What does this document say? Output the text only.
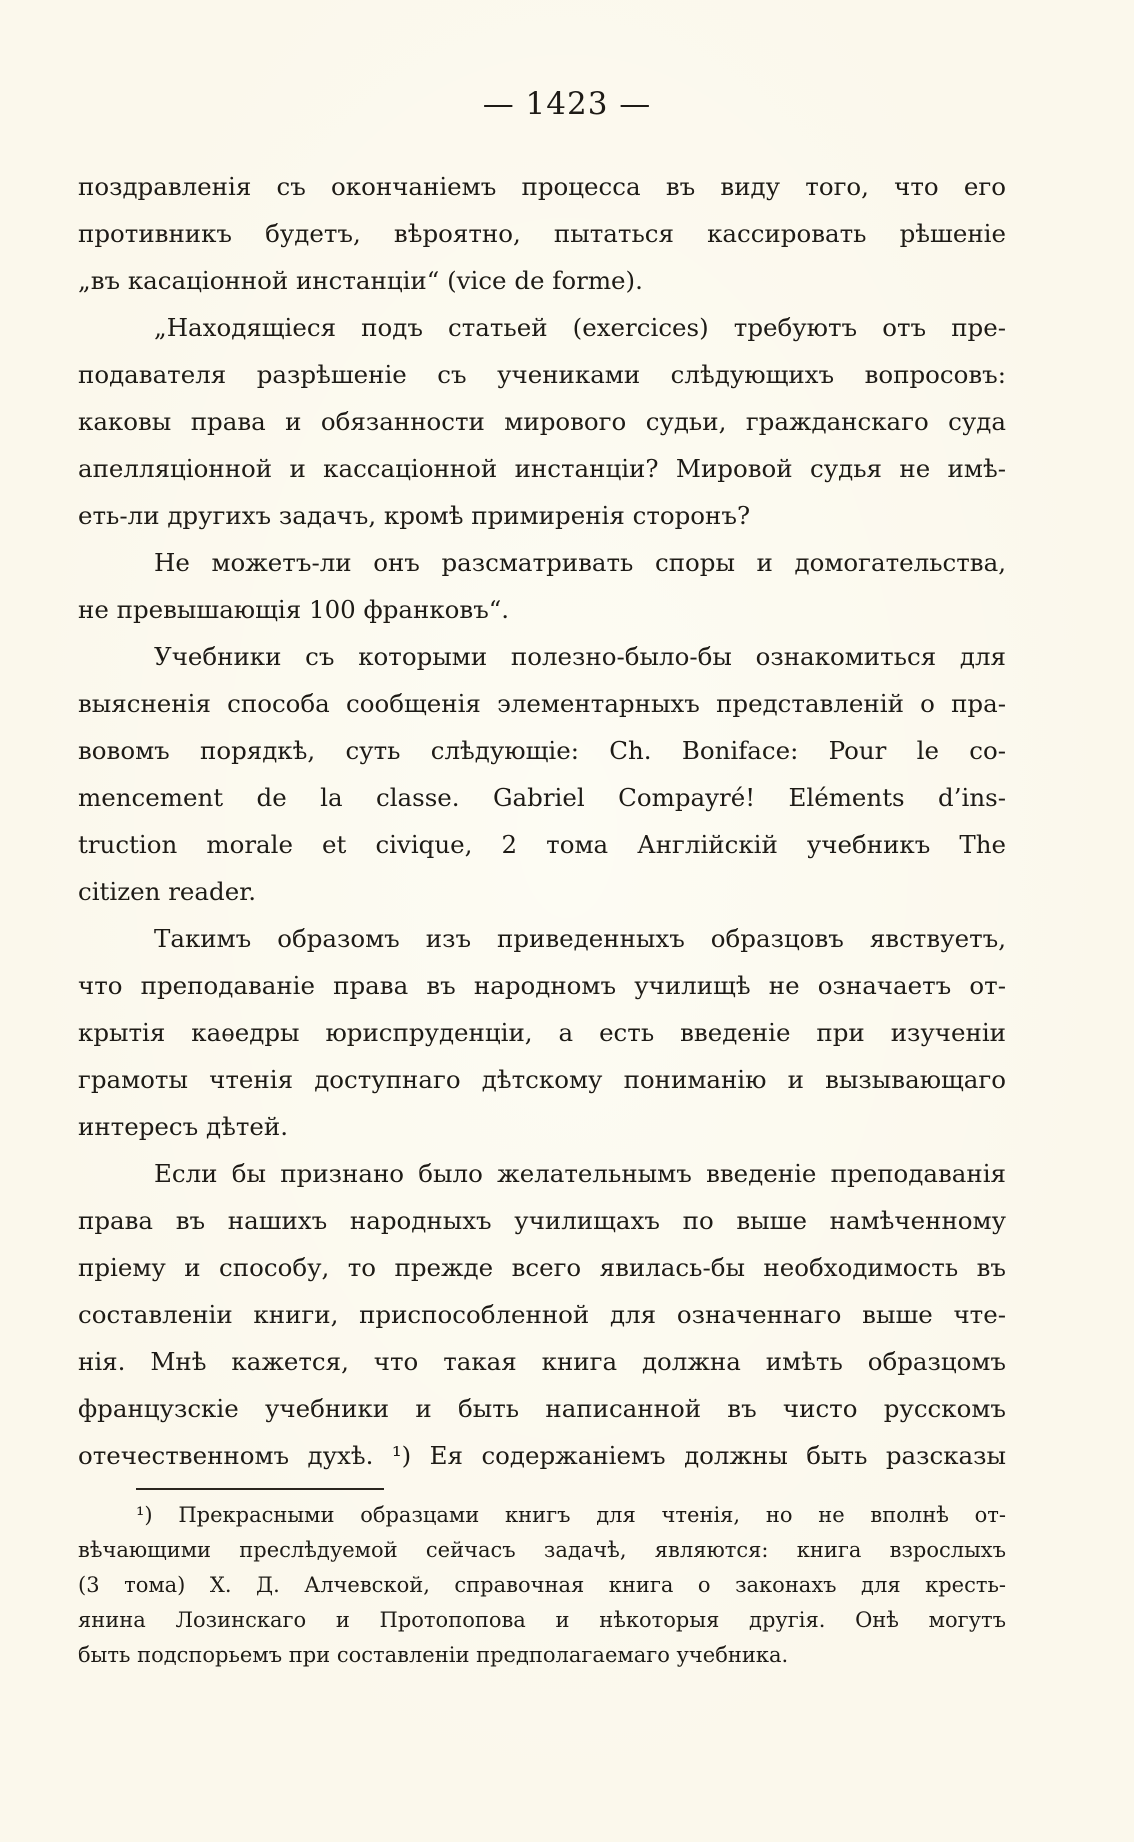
— 1423 —

поздравленія съ окончаніемъ процесса въ виду того, что его
противникъ будетъ, вѣроятно, пытаться кассировать рѣшеніе
„въ касаціонной инстанціи“ (vice de forme).

„Находящіеся подъ статьей (exercices) требуютъ отъ пре-
подавателя разрѣшеніе съ учениками слѣдующихъ вопросовъ:
каковы права и обязанности мирового судьи, гражданскаго суда
апелляціонной и кассаціонной инстанціи? Мировой судья не имѣ-
еть-ли другихъ задачъ, кромѣ примиренія сторонъ?

Не можетъ-ли онъ разсматривать споры и домогательства,
не превышающія 100 франковъ“.

Учебники съ которыми полезно-было-бы ознакомиться для
выясненія способа сообщенія элементарныхъ представленій о пра-
вовомъ порядкѣ, суть слѣдующіе: Ch. Boniface: Pour le co-
mencement de la classe. Gabriel Compayré! Eléments d’ins-
truction morale et civique, 2 тома Англійскій учебникъ The
citizen reader.

Такимъ образомъ изъ приведенныхъ образцовъ явствуетъ,
что преподаваніе права въ народномъ училищѣ не означаетъ от-
крытія каѳедры юриспруденціи, а есть введеніе при изученіи
грамоты чтенія доступнаго дѣтскому пониманію и вызывающаго
интересъ дѣтей.

Если бы признано было желательнымъ введеніе преподаванія
права въ нашихъ народныхъ училищахъ по выше намѣченному
пріему и способу, то прежде всего явилась-бы необходимость въ
составленіи книги, приспособленной для означеннаго выше чте-
нія. Мнѣ кажется, что такая книга должна имѣть образцомъ
французскіе учебники и быть написанной въ чисто русскомъ
отечественномъ духѣ. ¹) Ея содержаніемъ должны быть разсказы

¹) Прекрасными образцами книгъ для чтенія, но не вполнѣ от-
вѣчающими преслѣдуемой сейчасъ задачѣ, являются: книга взрослыхъ
(3 тома) Х. Д. Алчевской, справочная книга о законахъ для кресть-
янина Лозинскаго и Протопопова и нѣкоторыя другія. Онѣ могутъ
быть подспорьемъ при составленіи предполагаемаго учебника.
